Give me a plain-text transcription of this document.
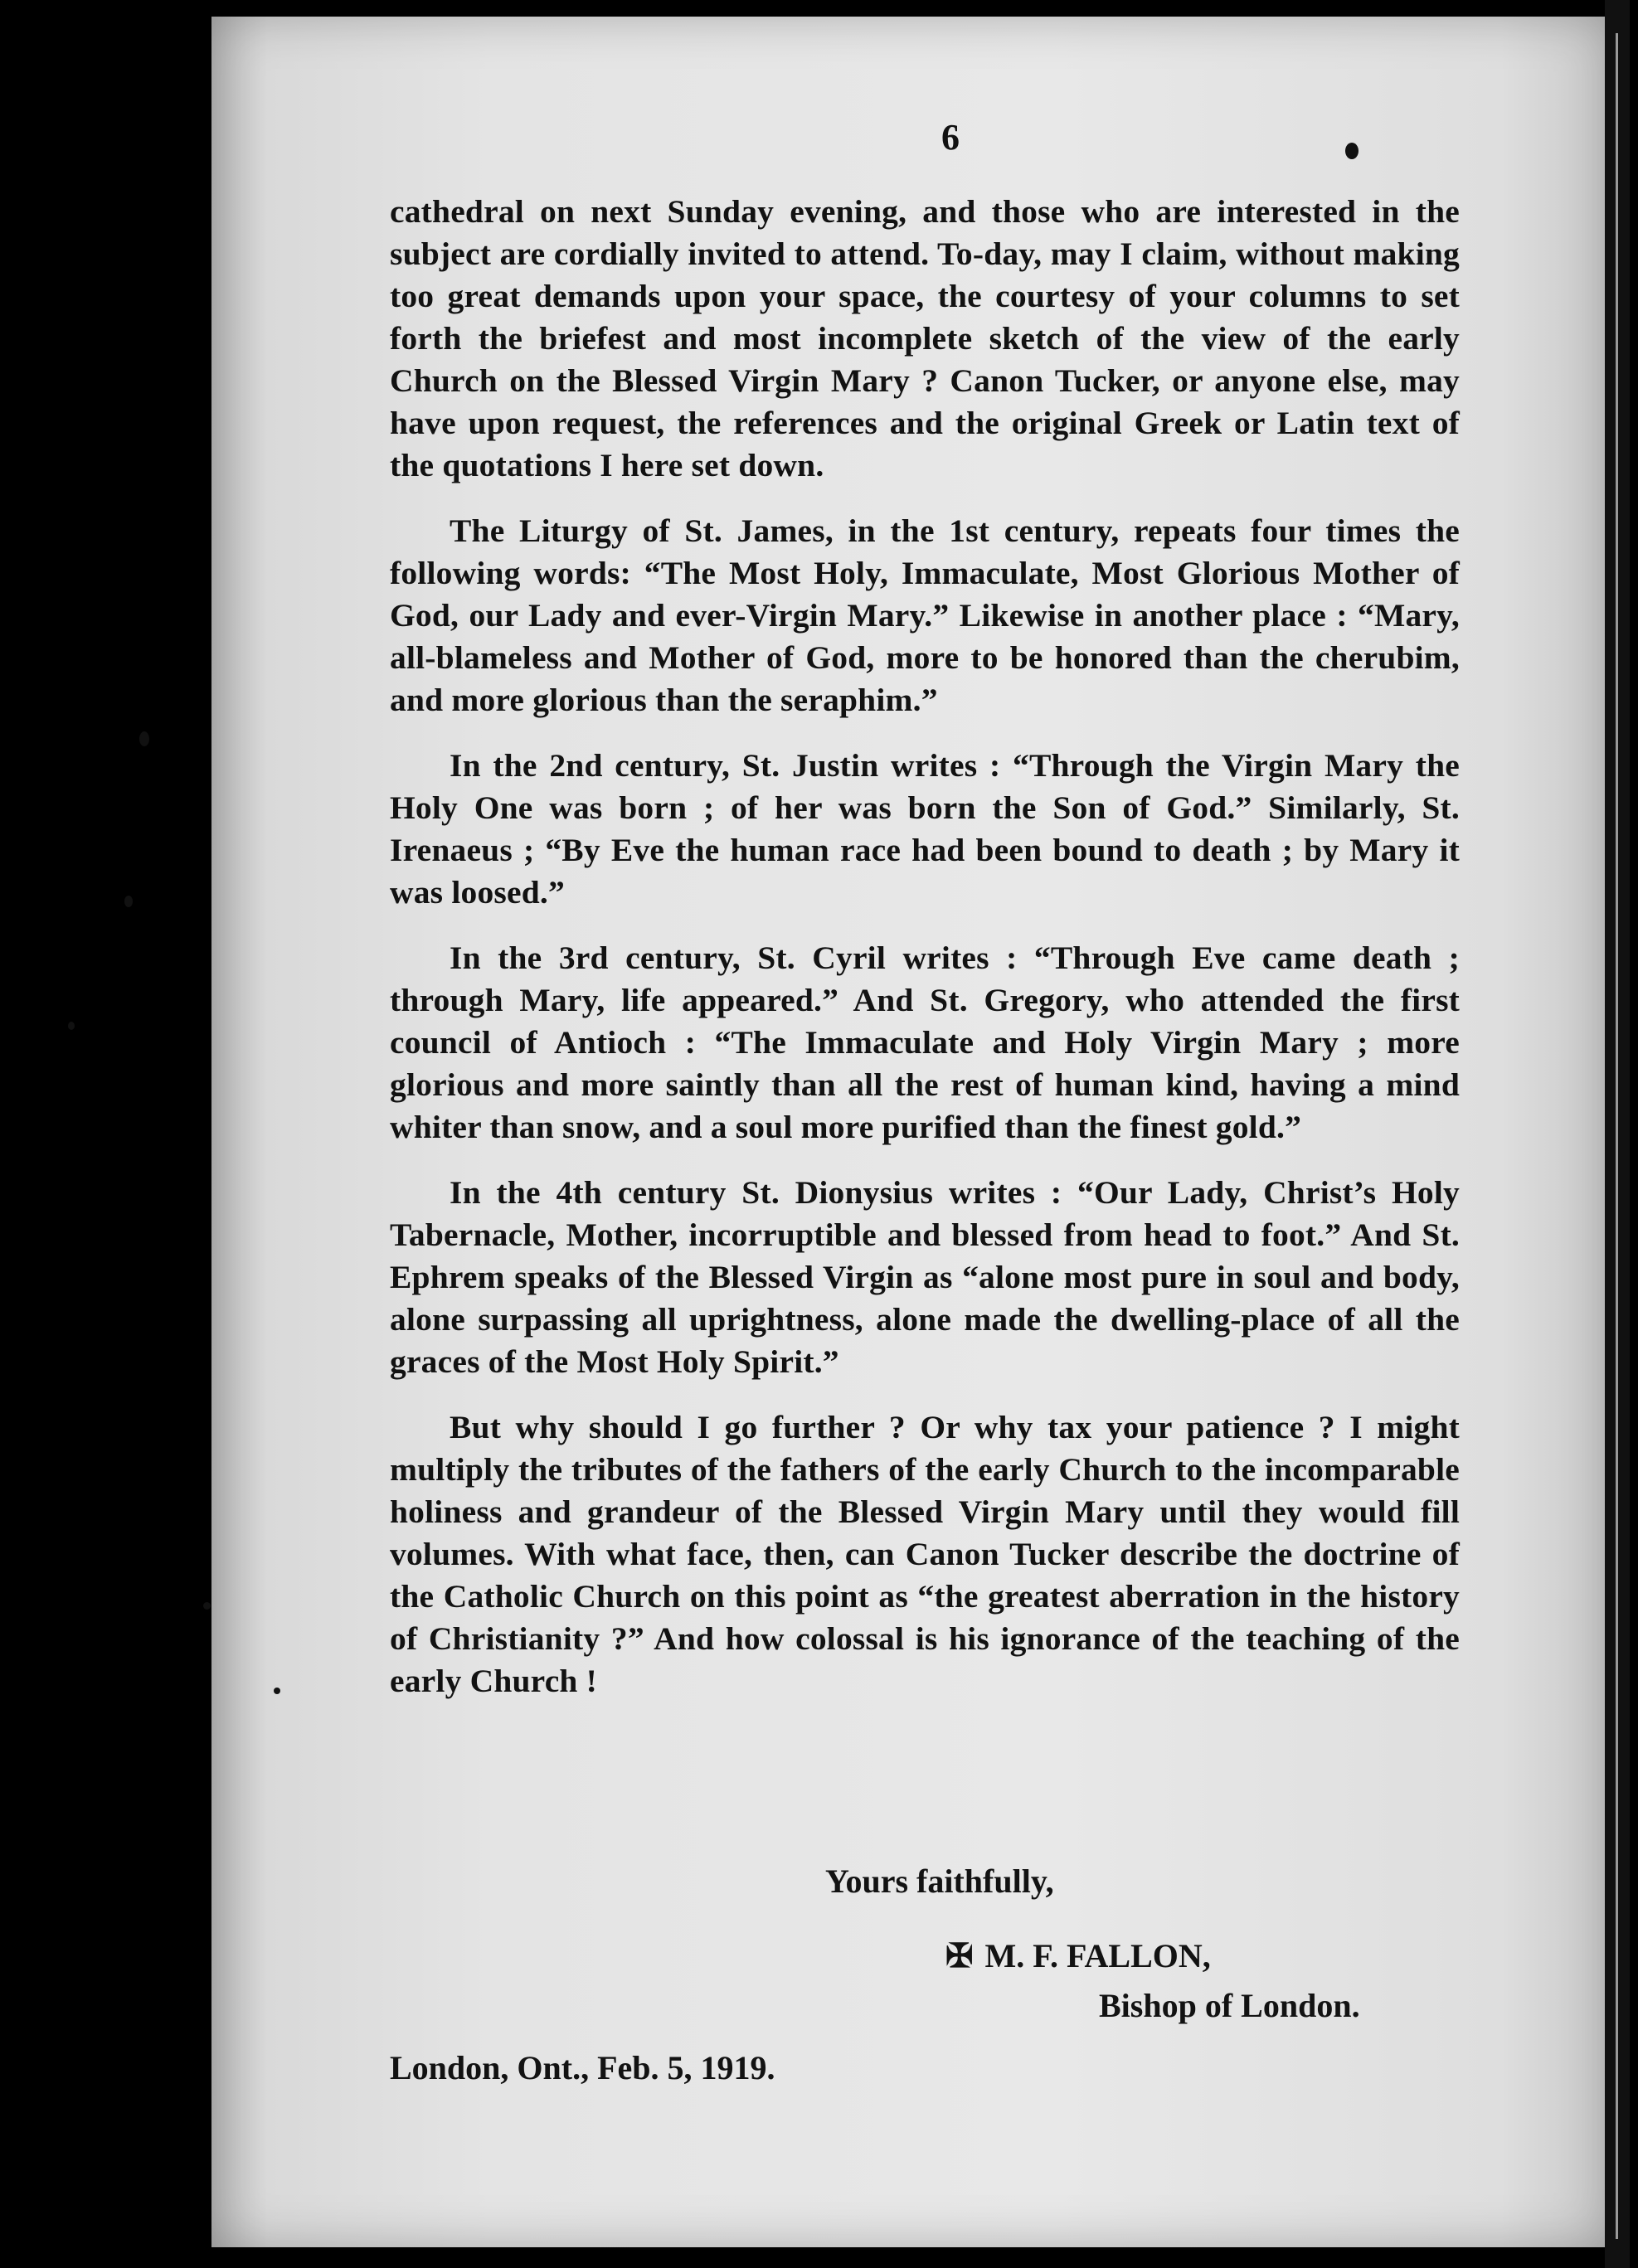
6

cathedral on next Sunday evening, and those who are interested in the subject are cordially invited to attend. To-day, may I claim, without making too great demands upon your space, the courtesy of your columns to set forth the briefest and most incomplete sketch of the view of the early Church on the Blessed Virgin Mary ? Canon Tucker, or anyone else, may have upon request, the references and the original Greek or Latin text of the quotations I here set down.

The Liturgy of St. James, in the 1st century, repeats four times the following words: “The Most Holy, Immaculate, Most Glorious Mother of God, our Lady and ever-Virgin Mary.” Likewise in another place : “Mary, all-blameless and Mother of God, more to be honored than the cherubim, and more glorious than the seraphim.”

In the 2nd century, St. Justin writes : “Through the Virgin Mary the Holy One was born ; of her was born the Son of God.” Similarly, St. Irenaeus ; “By Eve the human race had been bound to death ; by Mary it was loosed.”

In the 3rd century, St. Cyril writes : “Through Eve came death ; through Mary, life appeared.” And St. Gregory, who attended the first council of Antioch : “The Immaculate and Holy Virgin Mary ; more glorious and more saintly than all the rest of human kind, having a mind whiter than snow, and a soul more purified than the finest gold.”

In the 4th century St. Dionysius writes : “Our Lady, Christ’s Holy Tabernacle, Mother, incorruptible and blessed from head to foot.” And St. Ephrem speaks of the Blessed Virgin as “alone most pure in soul and body, alone surpassing all uprightness, alone made the dwelling-place of all the graces of the Most Holy Spirit.”

But why should I go further ? Or why tax your patience ? I might multiply the tributes of the fathers of the early Church to the incomparable holiness and grandeur of the Blessed Virgin Mary until they would fill volumes. With what face, then, can Canon Tucker describe the doctrine of the Catholic Church on this point as “the greatest aberration in the history of Christianity ?” And how colossal is his ignorance of the teaching of the early Church !

Yours faithfully,
✠ M. F. FALLON,
Bishop of London.
London, Ont., Feb. 5, 1919.
